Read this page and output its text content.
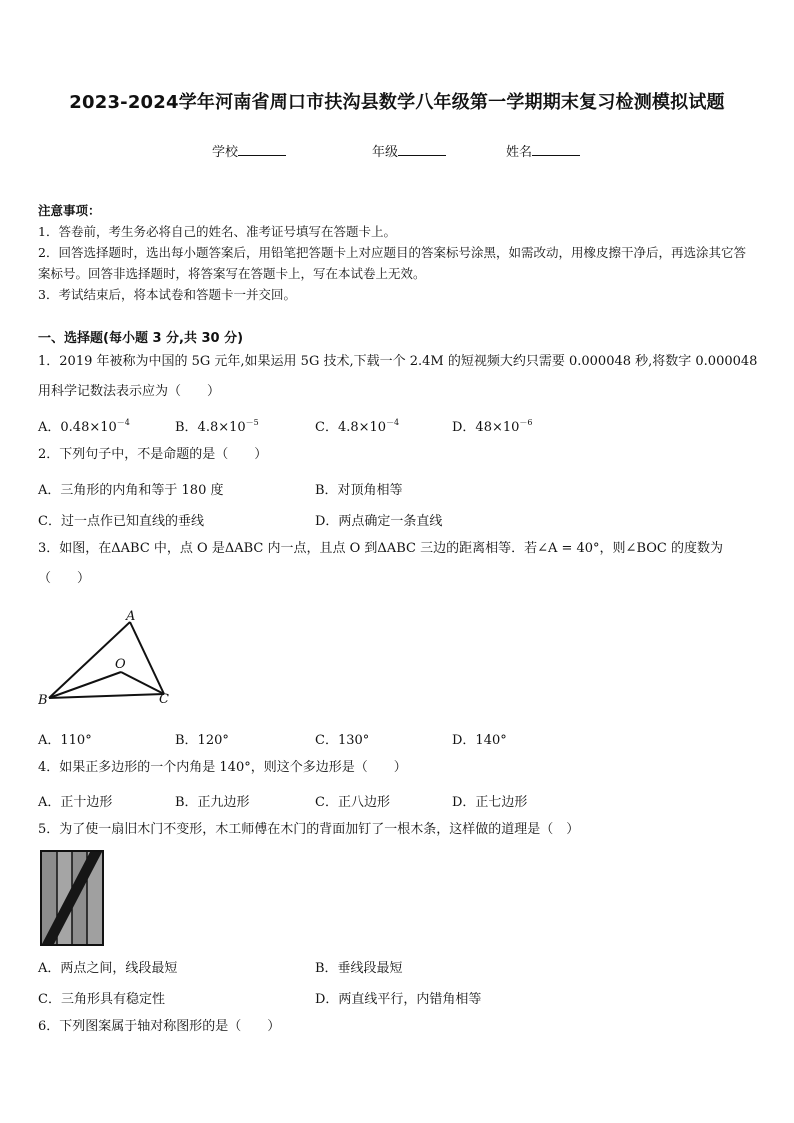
2023-2024学年河南省周口市扶沟县数学八年级第一学期期末复习检测模拟试题
学校	年级	姓名

注意事项：

1．答卷前，考生务必将自己的姓名、准考证号填写在答题卡上。

2．回答选择题时，选出每小题答案后，用铅笔把答题卡上对应题目的答案标号涂黑，如需改动，用橡皮擦干净后，再选涂其它答案标号。回答非选择题时，将答案写在答题卡上，写在本试卷上无效。

3．考试结束后，将本试卷和答题卡一并交回。

一、选择题(每小题 3 分,共 30 分)
1．2019 年被称为中国的 5G 元年,如果运用 5G 技术,下载一个 2.4M 的短视频大约只需要 0.000048 秒,将数字 0.000048 用科学记数法表示应为（　　）
A．$0.48\times 10^{-4}$	B．$4.8\times 10^{-5}$	C．$4.8\times 10^{-4}$	D．$48\times 10^{-6}$
2．下列句子中，不是命题的是（　　）
A．三角形的内角和等于 180 度	B．对顶角相等
C．过一点作已知直线的垂线	D．两点确定一条直线
3．如图，在ΔABC 中，点 O 是ΔABC 内一点，且点 O 到ΔABC 三边的距离相等．若∠A = 40°，则∠BOC 的度数为（　　）
A
O
B	C
A．110°	B．120°	C．130°	D．140°
4．如果正多边形的一个内角是 140°，则这个多边形是（　　）
A．正十边形	B．正九边形	C．正八边形	D．正七边形
5．为了使一扇旧木门不变形，木工师傅在木门的背面加钉了一根木条，这样做的道理是（　）
A．两点之间，线段最短	B．垂线段最短
C．三角形具有稳定性	D．两直线平行，内错角相等
6．下列图案属于轴对称图形的是（　　）
